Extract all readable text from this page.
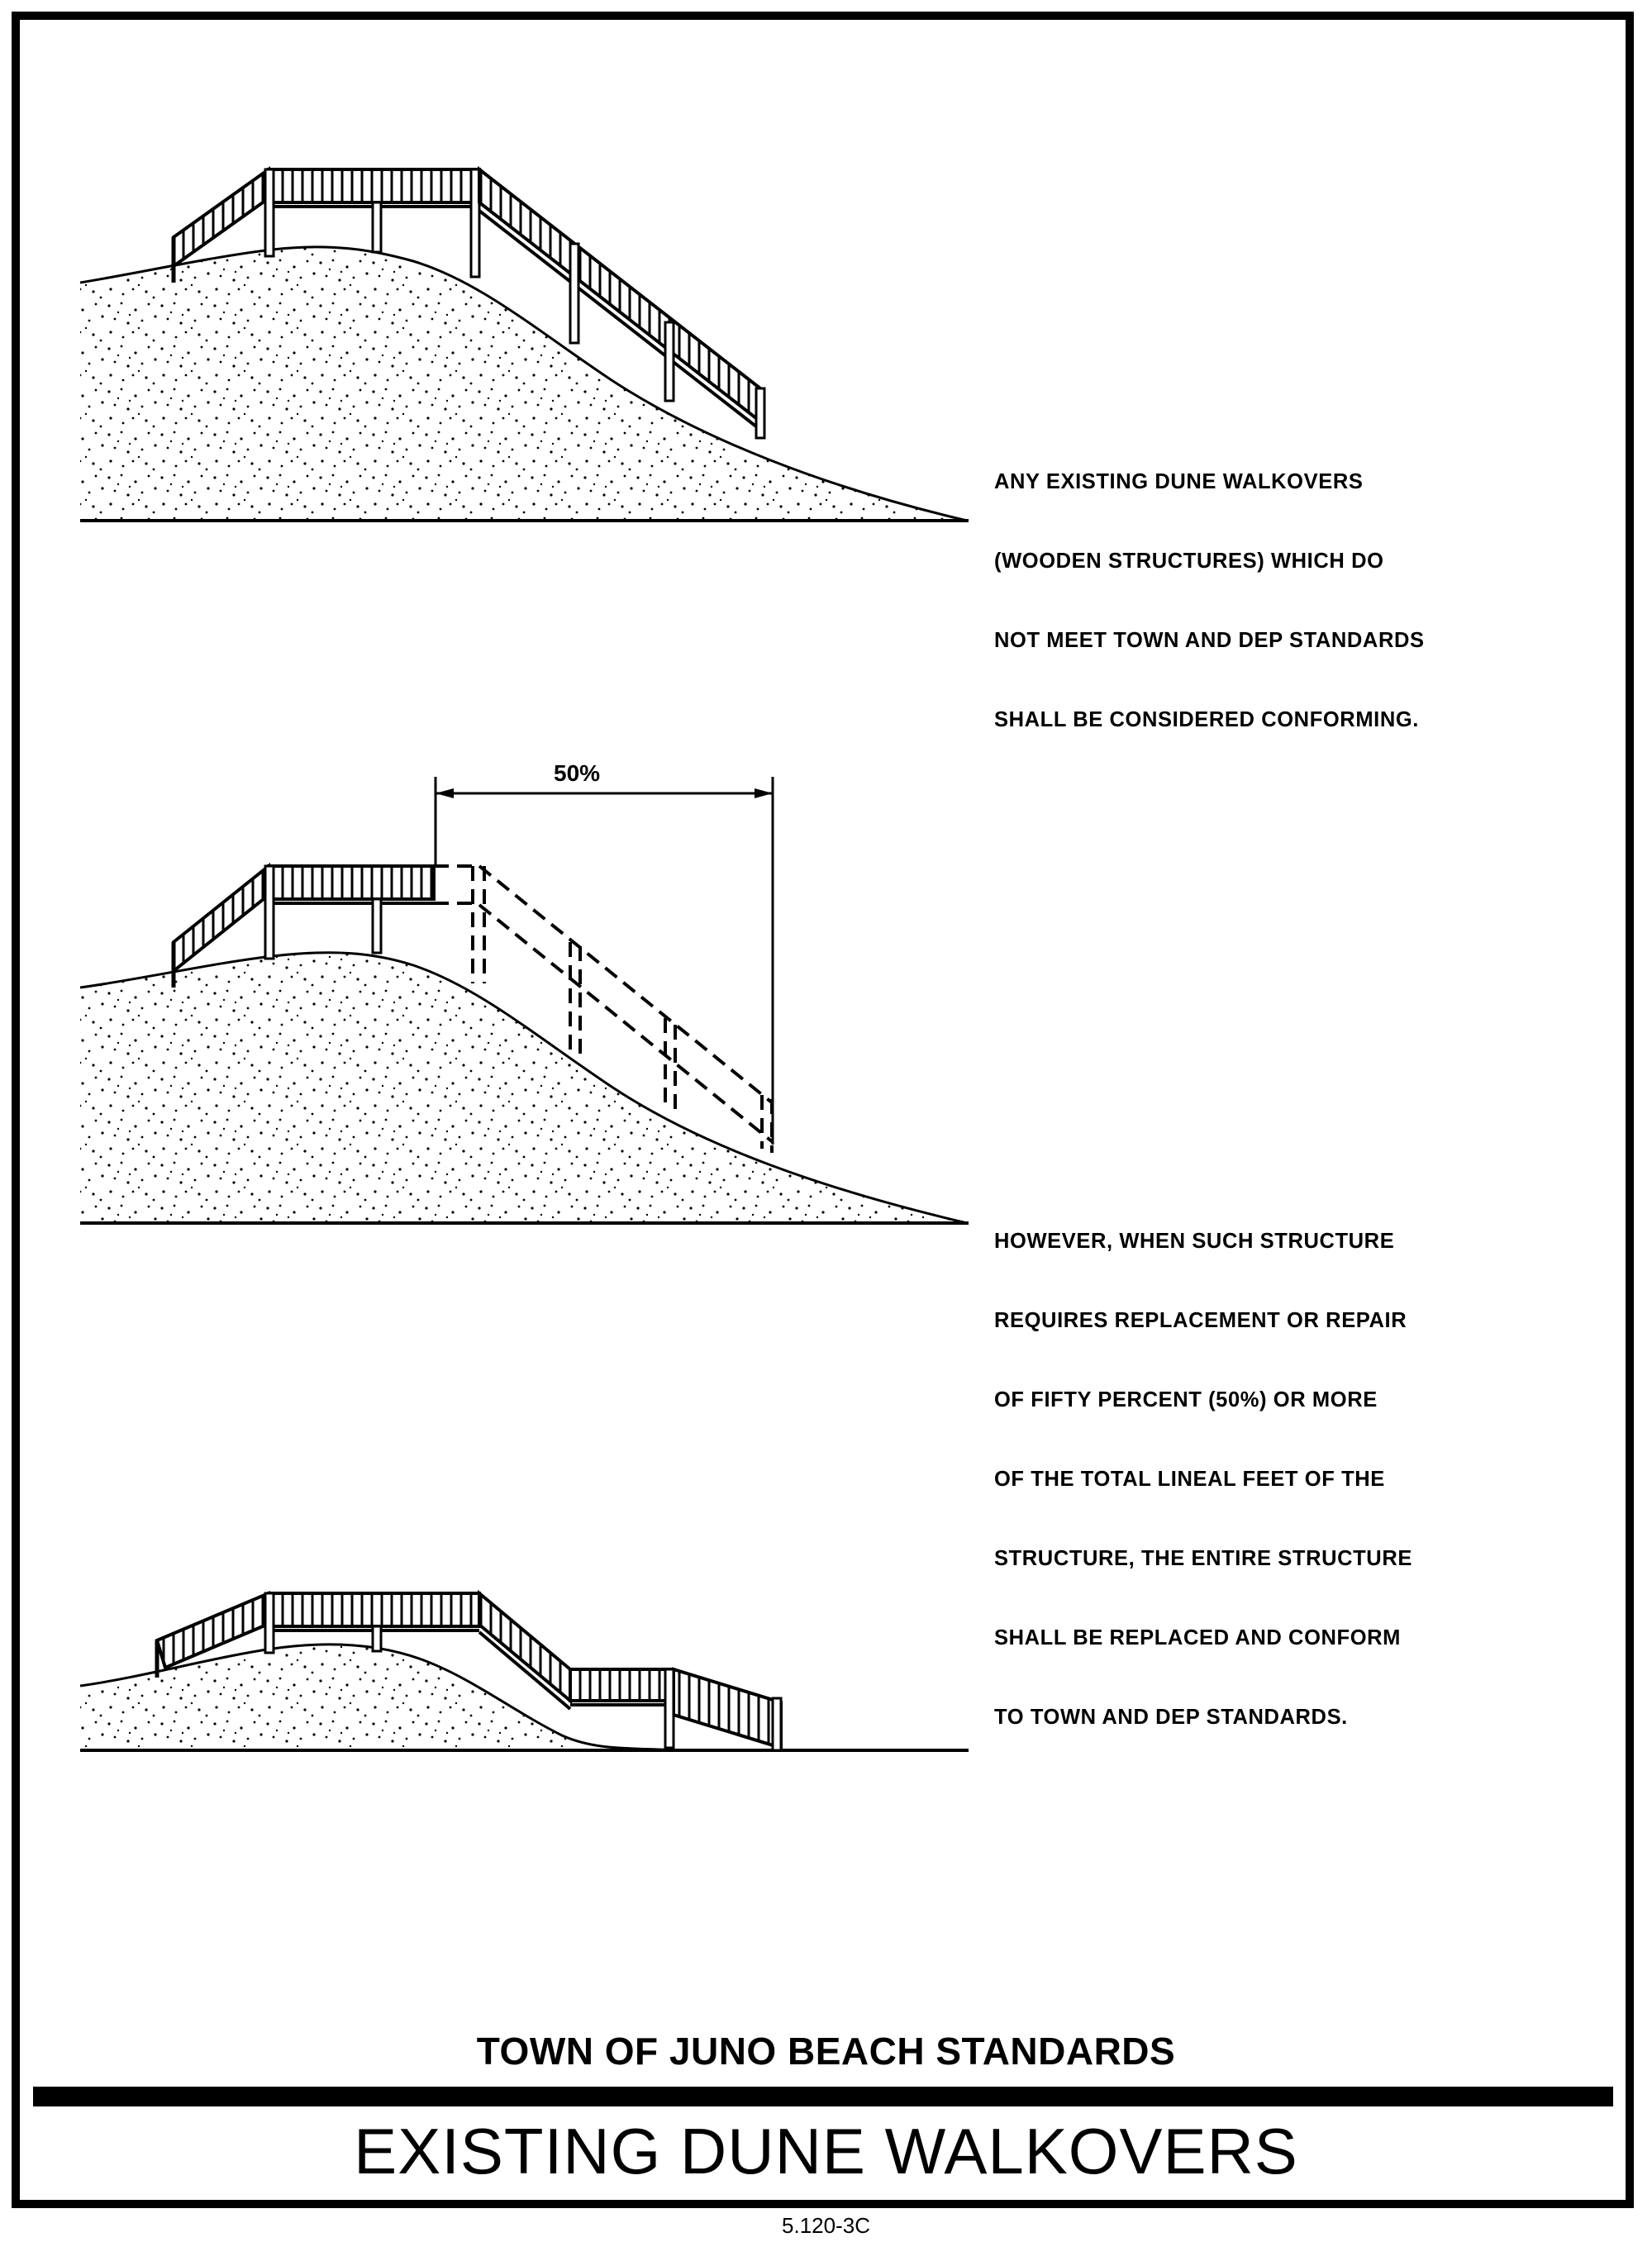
50%

ANY EXISTING DUNE WALKOVERS

(WOODEN STRUCTURES) WHICH DO

NOT MEET TOWN AND DEP STANDARDS

SHALL BE CONSIDERED CONFORMING.

HOWEVER, WHEN SUCH STRUCTURE

REQUIRES REPLACEMENT OR REPAIR

OF FIFTY PERCENT (50%) OR MORE

OF THE TOTAL LINEAL FEET OF THE

STRUCTURE, THE ENTIRE STRUCTURE

SHALL BE REPLACED AND CONFORM

TO TOWN AND DEP STANDARDS.

TOWN OF JUNO BEACH STANDARDS
EXISTING DUNE WALKOVERS
5.120-3C
